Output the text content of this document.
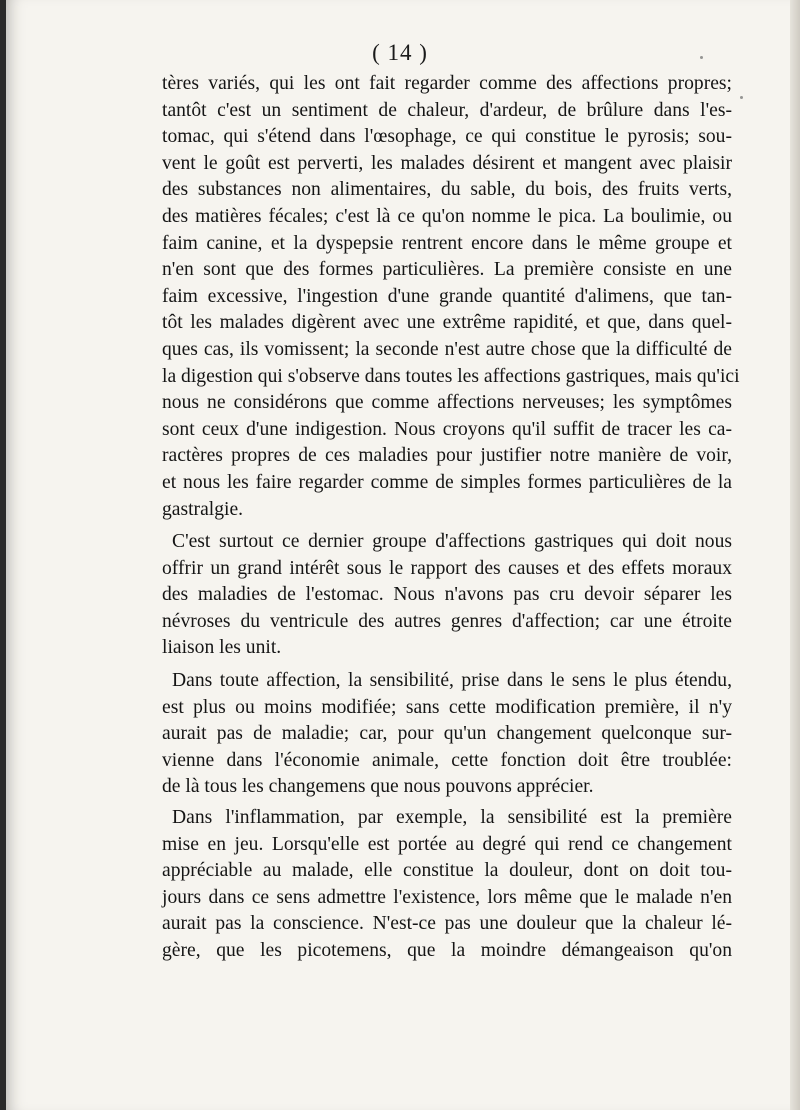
( 14 )

tères variés, qui les ont fait regarder comme des affections propres;
tantôt c'est un sentiment de chaleur, d'ardeur, de brûlure dans l'es-
tomac, qui s'étend dans l'œsophage, ce qui constitue le pyrosis; sou-
vent le goût est perverti, les malades désirent et mangent avec plaisir
des substances non alimentaires, du sable, du bois, des fruits verts,
des matières fécales; c'est là ce qu'on nomme le pica. La boulimie, ou
faim canine, et la dyspepsie rentrent encore dans le même groupe et
n'en sont que des formes particulières. La première consiste en une
faim excessive, l'ingestion d'une grande quantité d'alimens, que tan-
tôt les malades digèrent avec une extrême rapidité, et que, dans quel-
ques cas, ils vomissent; la seconde n'est autre chose que la difficulté de
la digestion qui s'observe dans toutes les affections gastriques, mais qu'ici
nous ne considérons que comme affections nerveuses; les symptômes
sont ceux d'une indigestion. Nous croyons qu'il suffit de tracer les ca-
ractères propres de ces maladies pour justifier notre manière de voir,
et nous les faire regarder comme de simples formes particulières de la
gastralgie.

C'est surtout ce dernier groupe d'affections gastriques qui doit nous
offrir un grand intérêt sous le rapport des causes et des effets moraux
des maladies de l'estomac. Nous n'avons pas cru devoir séparer les
névroses du ventricule des autres genres d'affection; car une étroite
liaison les unit.

Dans toute affection, la sensibilité, prise dans le sens le plus étendu,
est plus ou moins modifiée; sans cette modification première, il n'y
aurait pas de maladie; car, pour qu'un changement quelconque sur-
vienne dans l'économie animale, cette fonction doit être troublée:
de là tous les changemens que nous pouvons apprécier.

Dans l'inflammation, par exemple, la sensibilité est la première
mise en jeu. Lorsqu'elle est portée au degré qui rend ce changement
appréciable au malade, elle constitue la douleur, dont on doit tou-
jours dans ce sens admettre l'existence, lors même que le malade n'en
aurait pas la conscience. N'est-ce pas une douleur que la chaleur lé-
gère, que les picotemens, que la moindre démangeaison qu'on
